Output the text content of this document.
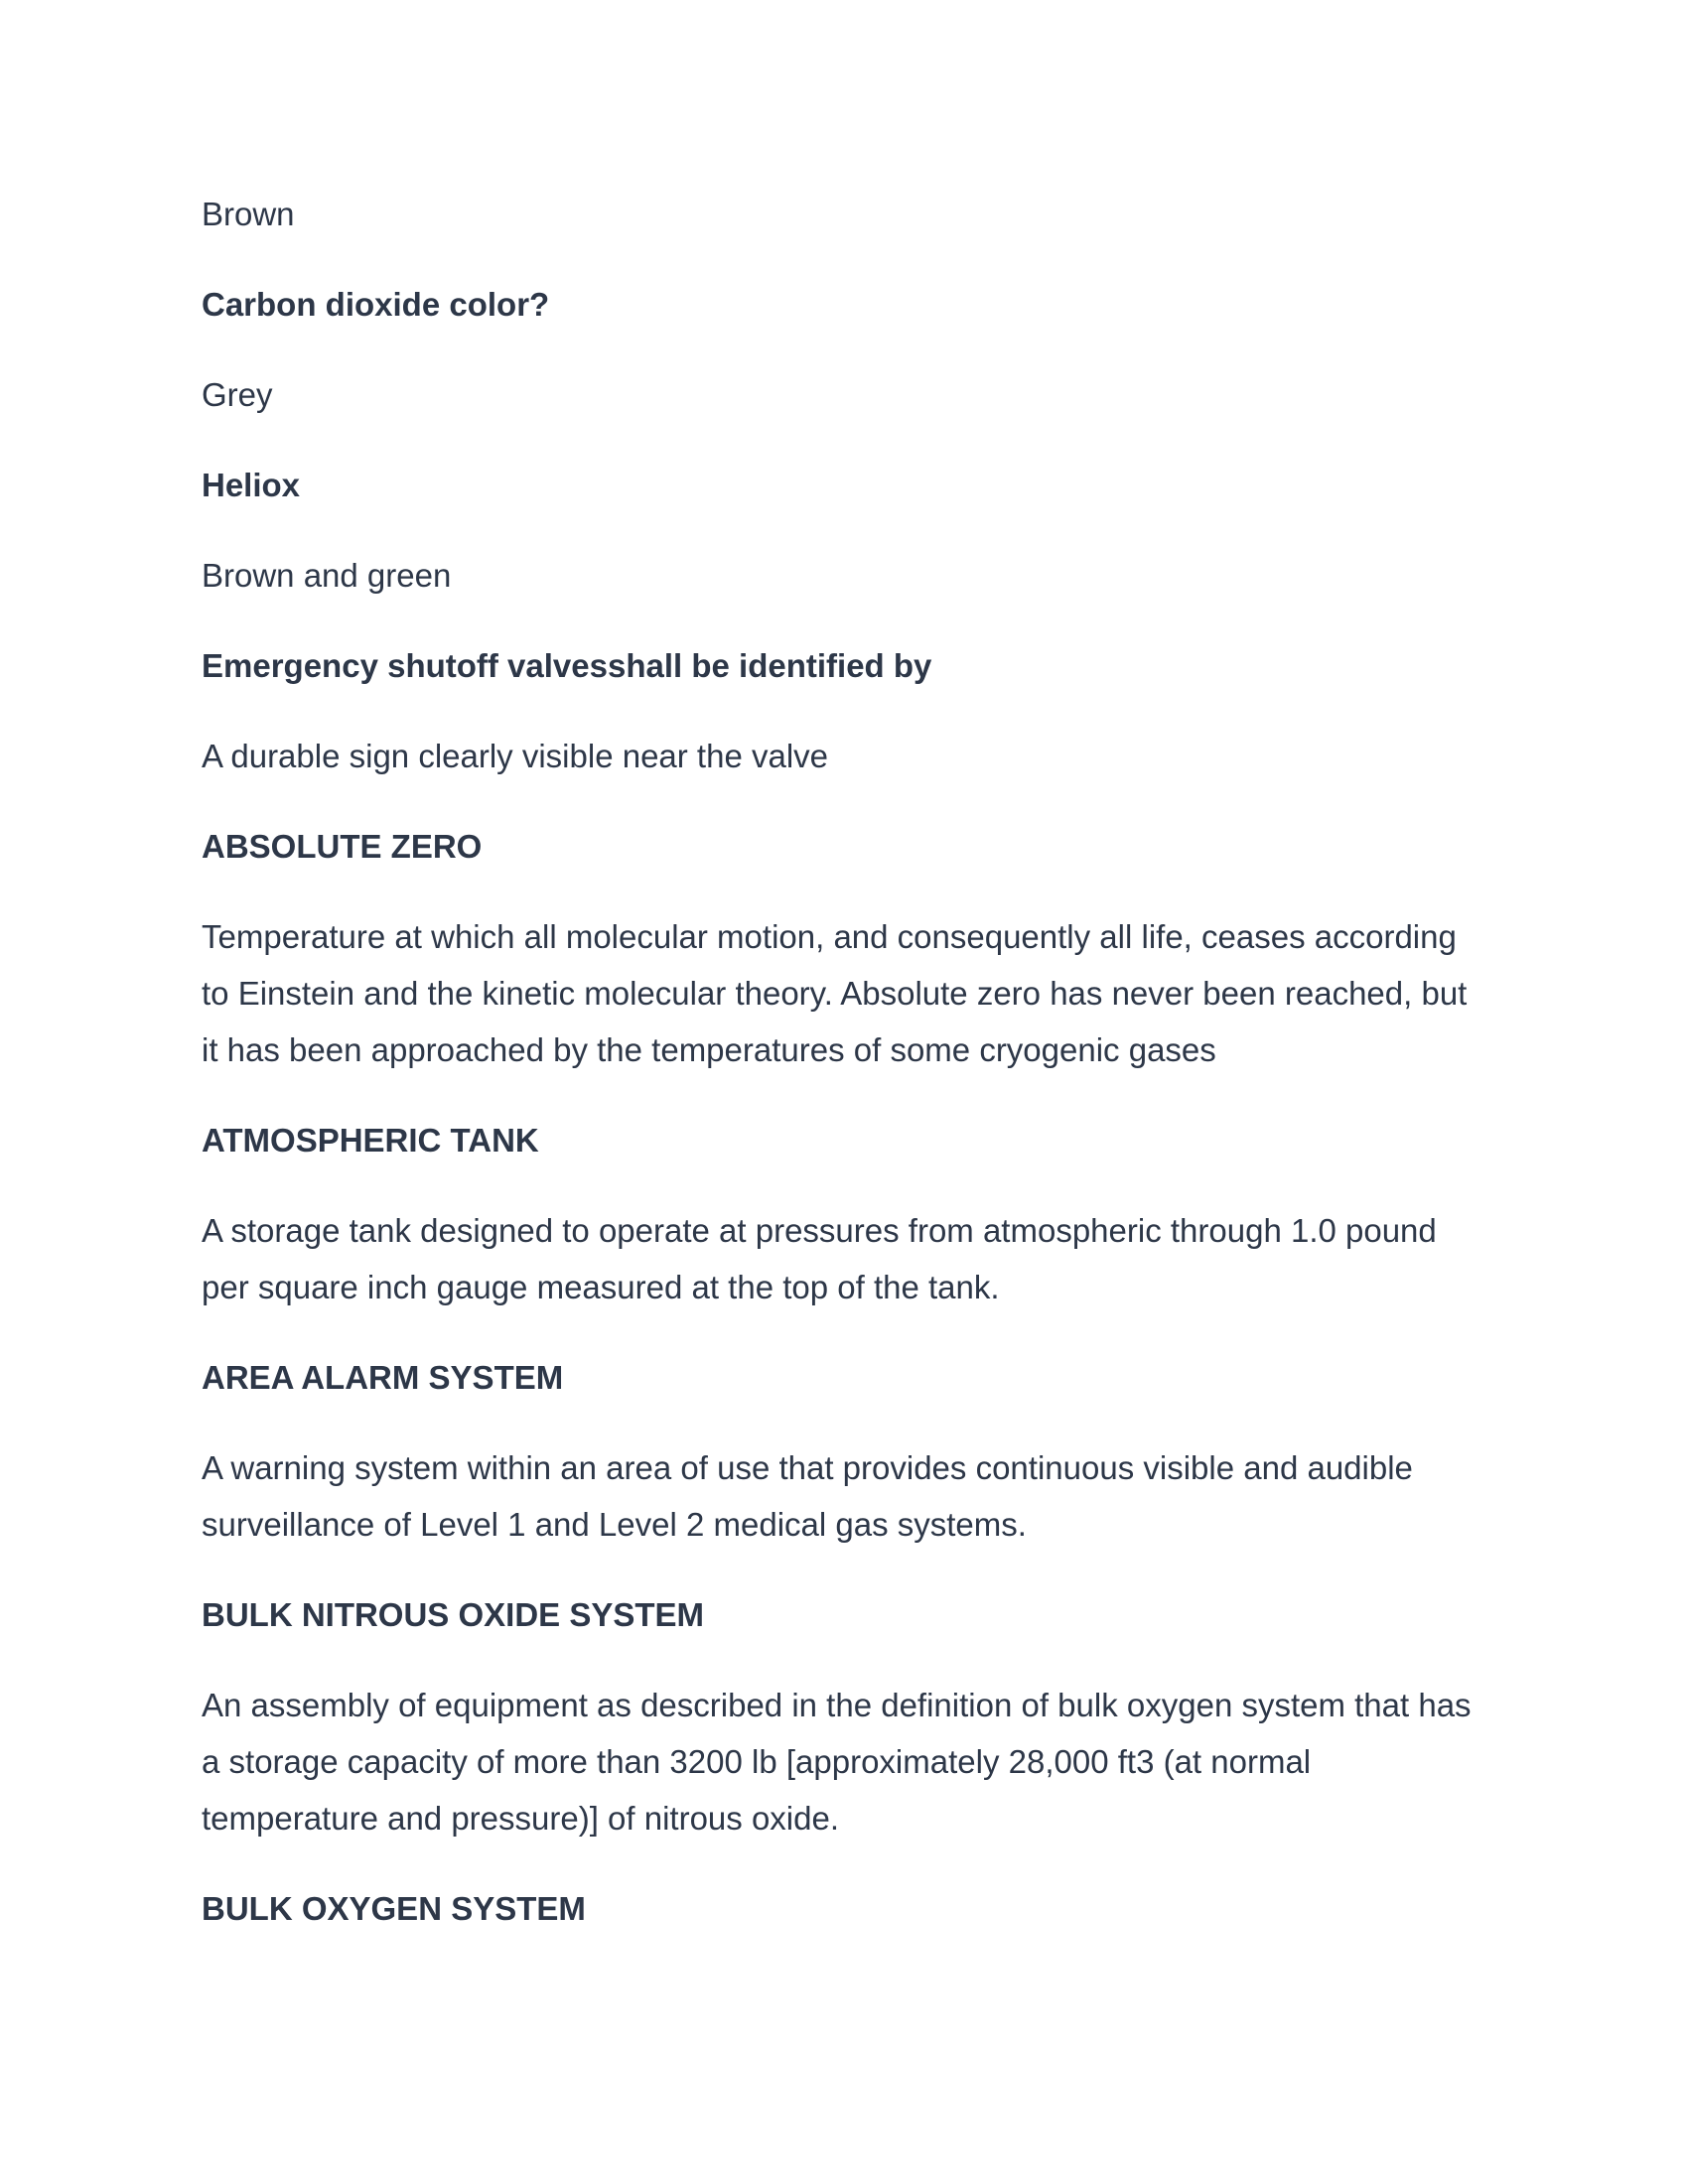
Brown

Carbon dioxide color?

Grey

Heliox

Brown and green

Emergency shutoff valvesshall be identified by

A durable sign clearly visible near the valve

ABSOLUTE ZERO

Temperature at which all molecular motion, and consequently all life, ceases according to Einstein and the kinetic molecular theory. Absolute zero has never been reached, but it has been approached by the temperatures of some cryogenic gases

ATMOSPHERIC TANK

A storage tank designed to operate at pressures from atmospheric through 1.0 pound per square inch gauge measured at the top of the tank.

AREA ALARM SYSTEM

A warning system within an area of use that provides continuous visible and audible surveillance of Level 1 and Level 2 medical gas systems.

BULK NITROUS OXIDE SYSTEM

An assembly of equipment as described in the definition of bulk oxygen system that has a storage capacity of more than 3200 lb [approximately 28,000 ft3 (at normal temperature and pressure)] of nitrous oxide.

BULK OXYGEN SYSTEM
